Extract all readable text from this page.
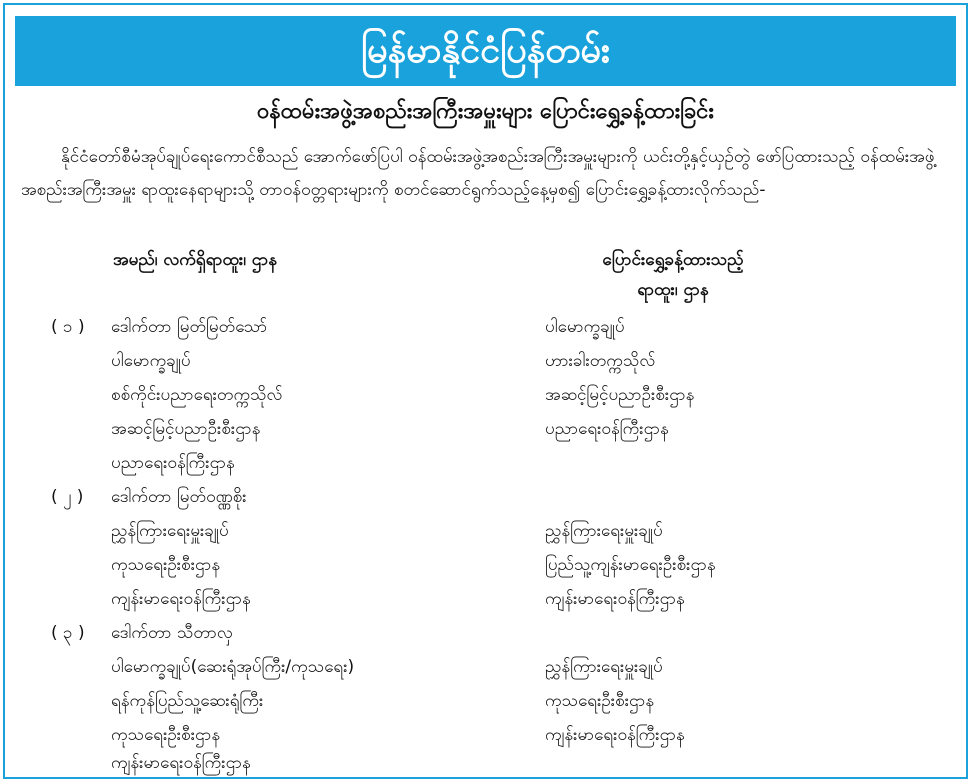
မြန်မာနိုင်ငံပြန်တမ်း
ဝန်ထမ်းအဖွဲ့အစည်းအကြီးအမှူးများ ပြောင်းရွှေ့ခန့်ထားခြင်း
နိုင်ငံတော်စီမံအုပ်ချုပ်ရေးကောင်စီသည် အောက်ဖော်ပြပါ ဝန်ထမ်းအဖွဲ့အစည်းအကြီးအမှူးများကို ယင်းတို့နှင့်ယှဉ်တွဲ ဖော်ပြထားသည့် ဝန်ထမ်းအဖွဲ့အစည်းအကြီးအမှူး ရာထူးနေရာများသို့ တာဝန်ဝတ္တရားများကို စတင်ဆောင်ရွက်သည့်နေ့မှစ၍ ပြောင်းရွှေ့ခန့်ထားလိုက်သည်-
အမည်၊ လက်ရှိရာထူး၊ ဌာန	ပြောင်းရွှေ့ခန့်ထားသည့်
ရာထူး၊ ဌာန
( ၁ ) ဒေါက်တာ မြတ်မြတ်သော်
ပါမောက္ခချုပ်
စစ်ကိုင်းပညာရေးတက္ကသိုလ်
အဆင့်မြင့်ပညာဦးစီးဌာန
ပညာရေးဝန်ကြီးဌာန
ပါမောက္ခချုပ်
ဟားခါးတက္ကသိုလ်
အဆင့်မြင့်ပညာဦးစီးဌာန
ပညာရေးဝန်ကြီးဌာန
( ၂ ) ဒေါက်တာ မြတ်ဝဏ္ဏစိုး
ညွှန်ကြားရေးမှူးချုပ်
ကုသရေးဦးစီးဌာန
ကျန်းမာရေးဝန်ကြီးဌာန
ညွှန်ကြားရေးမှူးချုပ်
ပြည်သူ့ကျန်းမာရေးဦးစီးဌာန
ကျန်းမာရေးဝန်ကြီးဌာန
( ၃ ) ဒေါက်တာ သီတာလှ
ပါမောက္ခချုပ်(ဆေးရုံအုပ်ကြီး/ကုသရေး)
ရန်ကုန်ပြည်သူ့ဆေးရုံကြီး
ကုသရေးဦးစီးဌာန
ကျန်းမာရေးဝန်ကြီးဌာန
ညွှန်ကြားရေးမှူးချုပ်
ကုသရေးဦးစီးဌာန
ကျန်းမာရေးဝန်ကြီးဌာန
